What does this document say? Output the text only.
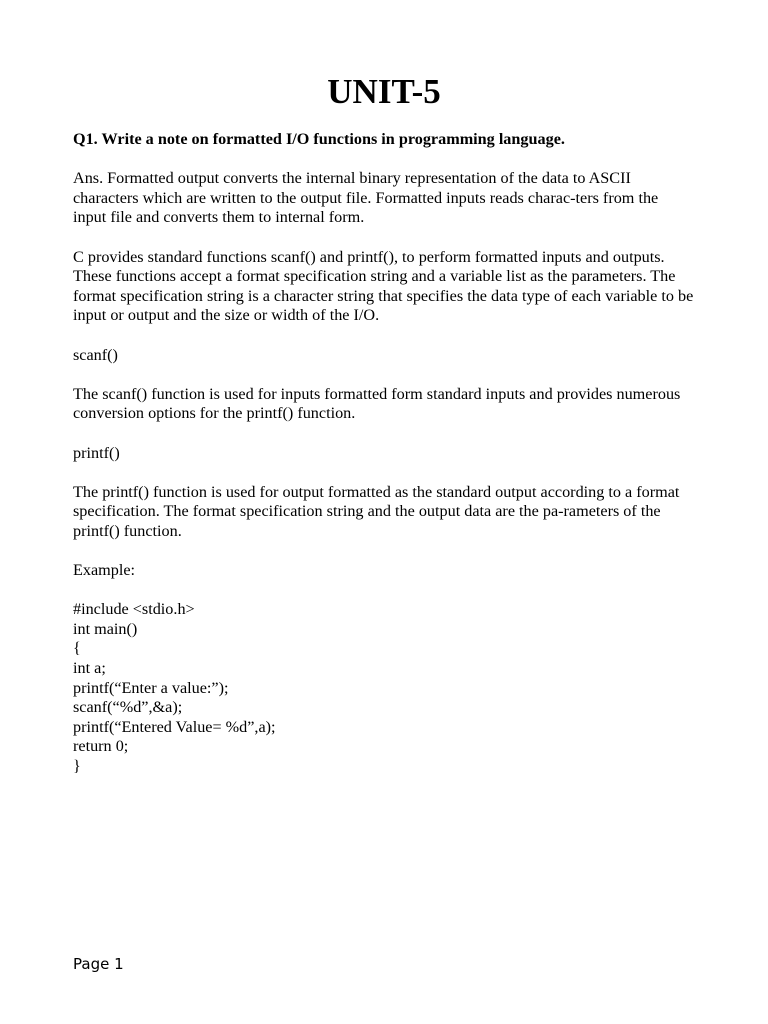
UNIT-5

Q1. Write a note on formatted I/O functions in programming language.

Ans. Formatted output converts the internal binary representation of the data to ASCII characters which are written to the output file. Formatted inputs reads charac-ters from the input file and converts them to internal form.

C provides standard functions scanf() and printf(), to perform formatted inputs and outputs. These functions accept a format specification string and a variable list as the parameters. The format specification string is a character string that specifies the data type of each variable to be input or output and the size or width of the I/O.

scanf()

The scanf() function is used for inputs formatted form standard inputs and provides numerous conversion options for the printf() function.

printf()

The printf() function is used for output formatted as the standard output according to a format specification. The format specification string and the output data are the pa-rameters of the printf() function.

Example:

#include <stdio.h>
int main()
{
int a;
printf(“Enter a value:”);
scanf(“%d”,&a);
printf(“Entered Value= %d”,a);
return 0;
}
Page 1
